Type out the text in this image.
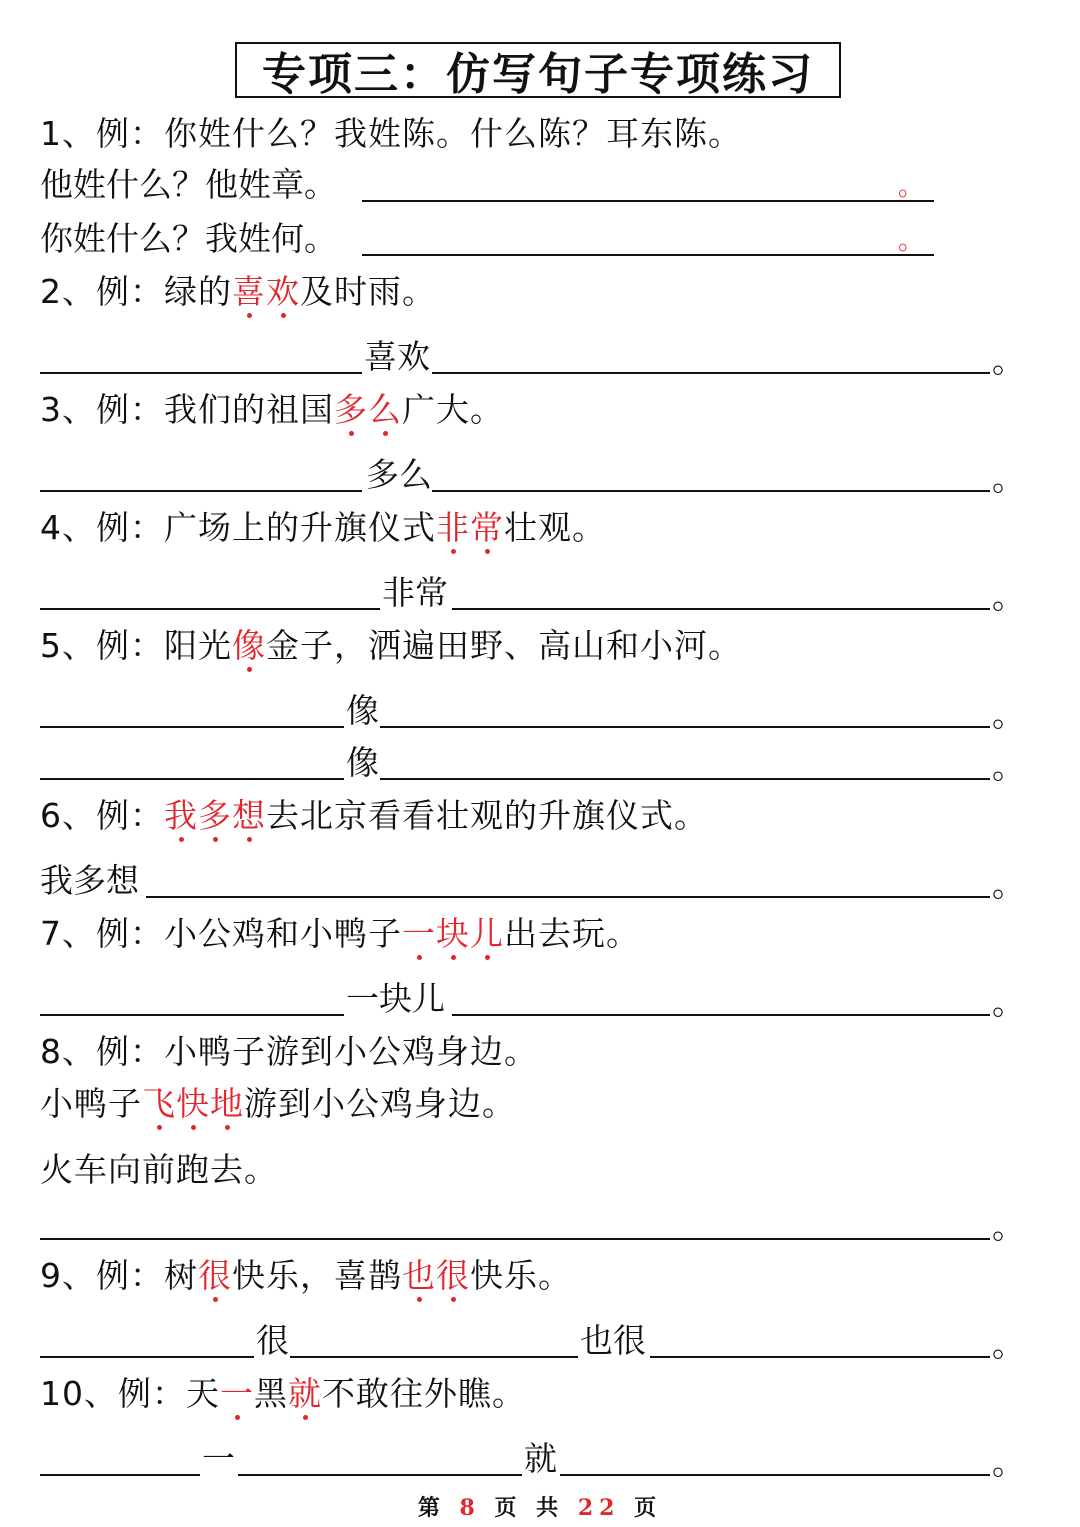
专项三：仿写句子专项练习
1、例：你姓什么？我姓陈。什么陈？耳东陈。
他姓什么？他姓章。	。
你姓什么？我姓何。	。
2、例：绿的喜欢及时雨。
喜欢	。
3、例：我们的祖国多么广大。
多么	。
4、例：广场上的升旗仪式非常壮观。
非常	。
5、例：阳光像金子，洒遍田野、高山和小河。
像	。
像	。
6、例：我多想去北京看看壮观的升旗仪式。
我多想	。
7、例：小公鸡和小鸭子一块儿出去玩。
一块儿	。
8、例：小鸭子游到小公鸡身边。
小鸭子飞快地游到小公鸡身边。
火车向前跑去。
。
9、例：树很快乐，喜鹊也很快乐。
很	也很	。
10、例：天一黑就不敢往外瞧。
一	就	。
第 8 页 共 22 页
